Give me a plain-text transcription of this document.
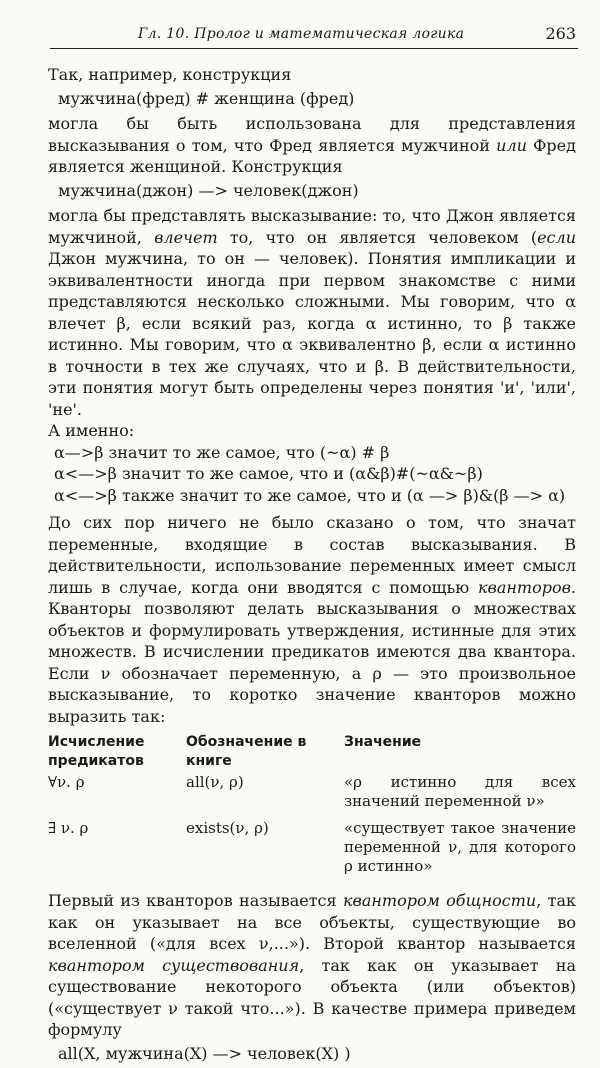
Гл. 10. Пролог и математическая логика	263

Так, например, конструкция

мужчина(фред) # женщина (фред)

могла бы быть использована для представления высказывания о том, что Фред является мужчиной или Фред является женщиной. Конструкция

мужчина(джон) —> человек(джон)

могла бы представлять высказывание: то, что Джон является мужчиной, влечет то, что он является человеком (если Джон мужчина, то он — человек). Понятия импликации и эквивалентности иногда при первом знакомстве с ними представляются несколько сложными. Мы говорим, что α влечет β, если всякий раз, когда α истинно, то β также истинно. Мы говорим, что α эквивалентно β, если α истинно в точности в тех же случаях, что и β. В действительности, эти понятия могут быть определены через понятия 'и', 'или', 'не'.

А именно:

α—>β значит то же самое, что (~α) # β
α<—>β значит то же самое, что и (α&β)#(~α&~β)
α<—>β также значит то же самое, что и (α —> β)&(β —> α)

До сих пор ничего не было сказано о том, что значат переменные, входящие в состав высказывания. В действительности, использование переменных имеет смысл лишь в случае, когда они вводятся с помощью кванторов. Кванторы позволяют делать высказывания о множествах объектов и формулировать утверждения, истинные для этих множеств. В исчислении предикатов имеются два квантора. Если ν обозначает переменную, а ρ — это произвольное высказывание, то коротко значение кванторов можно выразить так:

Исчисление предикатов	Обозначение в книге	Значение
∀ν. ρ	all(ν, ρ)	«ρ истинно для всех значений переменной ν»
∃ ν. ρ	exists(ν, ρ)	«существует такое значение переменной ν, для которого ρ истинно»

Первый из кванторов называется квантором общности, так как он указывает на все объекты, существующие во вселенной («для всех ν,...»). Второй квантор называется квантором существования, так как он указывает на существование некоторого объекта (или объектов) («существует ν такой что...»). В качестве примера приведем формулу

all(X, мужчина(X) —> человек(X) )
